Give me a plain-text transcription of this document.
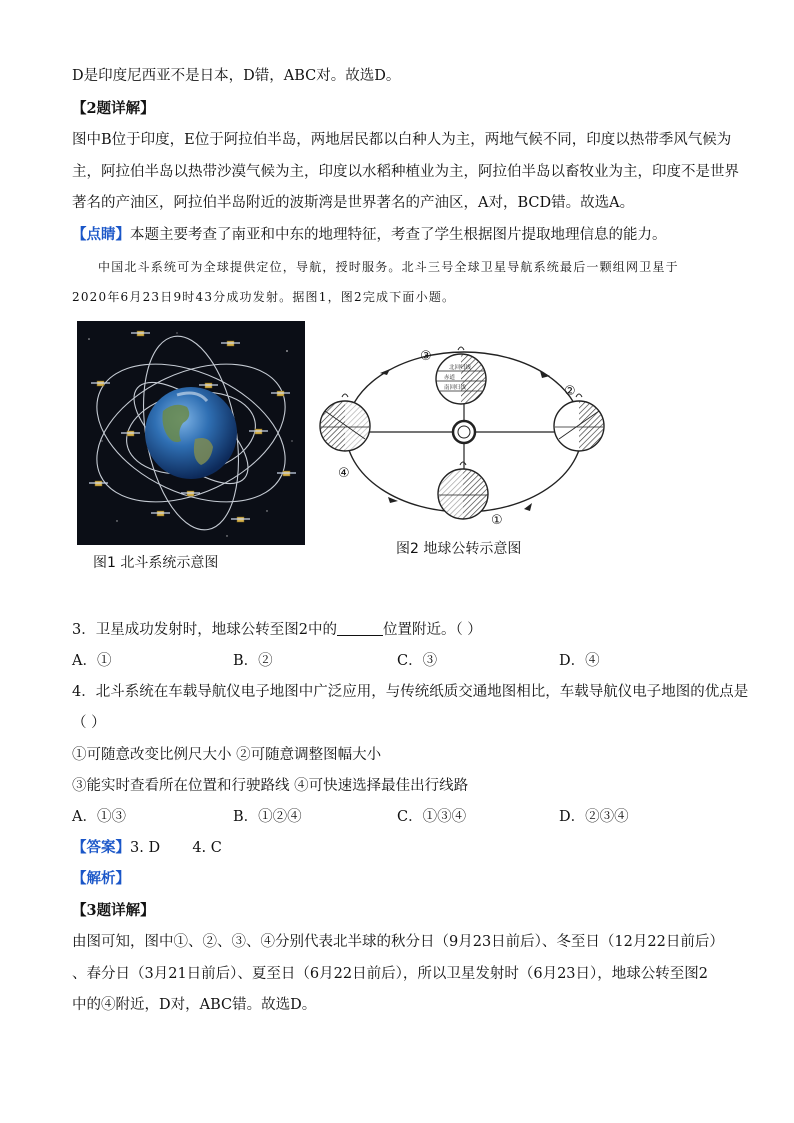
D是印度尼西亚不是日本，D错，ABC对。故选D。
【2题详解】
图中B位于印度，E位于阿拉伯半岛，两地居民都以白种人为主，两地气候不同，印度以热带季风气候为
主，阿拉伯半岛以热带沙漠气候为主，印度以水稻种植业为主，阿拉伯半岛以畜牧业为主，印度不是世界
著名的产油区，阿拉伯半岛附近的波斯湾是世界著名的产油区，A对，BCD错。故选A。
【点睛】本题主要考查了南亚和中东的地理特征，考查了学生根据图片提取地理信息的能力。
中国北斗系统可为全球提供定位，导航，授时服务。北斗三号全球卫星导航系统最后一颗组网卫星于
2020年6月23日9时43分成功发射。据图1，图2完成下面小题。
图1 北斗系统示意图
北回归线
赤道
南回归线
③
②
④
①
图2 地球公转示意图
3．卫星成功发射时，地球公转至图2中的	位置附近。（ ）
A．①	B．②	C．③	D．④
4．北斗系统在车载导航仪电子地图中广泛应用，与传统纸质交通地图相比，车载导航仪电子地图的优点是
（ ）
①可随意改变比例尺大小 ②可随意调整图幅大小
③能实时查看所在位置和行驶路线 ④可快速选择最佳出行线路
A．①③	B．①②④	C．①③④	D．②③④
【答案】3. D       4. C
【解析】
【3题详解】
由图可知，图中①、②、③、④分别代表北半球的秋分日（9月23日前后）、冬至日（12月22日前后）
、春分日（3月21日前后）、夏至日（6月22日前后），所以卫星发射时（6月23日），地球公转至图2
中的④附近，D对，ABC错。故选D。
